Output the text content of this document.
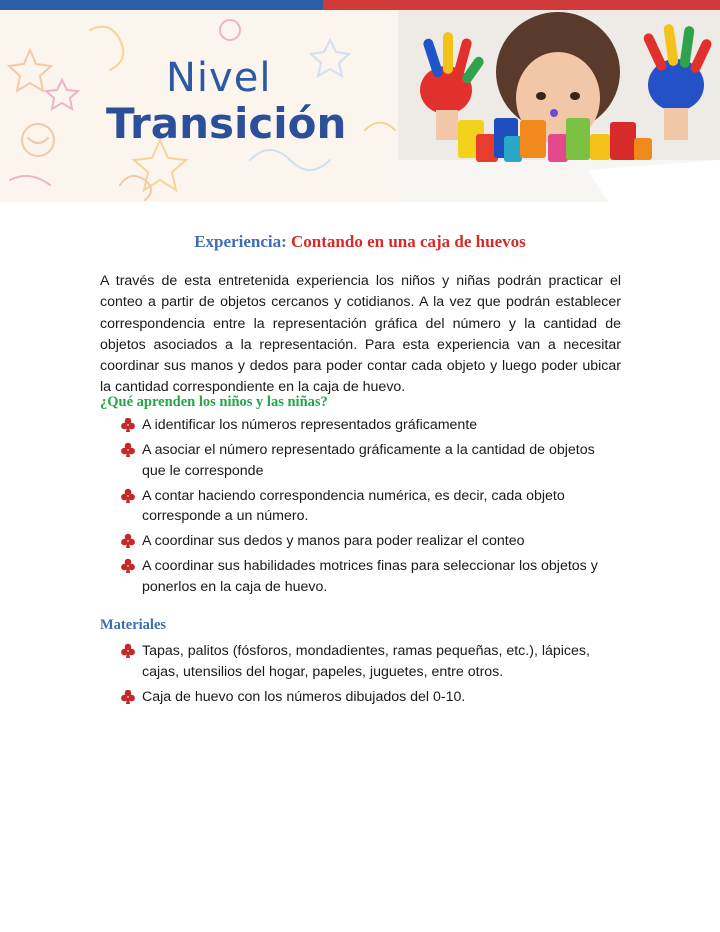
Nivel
Transición
Experiencia: Contando en una caja de huevos

A través de esta entretenida experiencia los niños y niñas podrán practicar el conteo a partir de objetos cercanos y cotidianos. A la vez que podrán establecer correspondencia entre la representación gráfica del número y la cantidad de objetos asociados a la representación. Para esta experiencia van a necesitar coordinar sus manos y dedos para poder contar cada objeto y luego poder ubicar la cantidad correspondiente en la caja de huevo.

¿Qué aprenden los niños y las niñas?
A identificar los números representados gráficamente
A asociar el número representado gráficamente a la cantidad de objetos que le corresponde
A contar haciendo correspondencia numérica, es decir, cada objeto corresponde a un número.
A coordinar sus dedos y manos para poder realizar el conteo
A coordinar sus habilidades motrices finas para seleccionar los objetos y ponerlos en la caja de huevo.
Materiales
Tapas, palitos (fósforos, mondadientes, ramas pequeñas, etc.), lápices, cajas, utensilios del hogar, papeles, juguetes, entre otros.
Caja de huevo con los números dibujados del 0-10.
